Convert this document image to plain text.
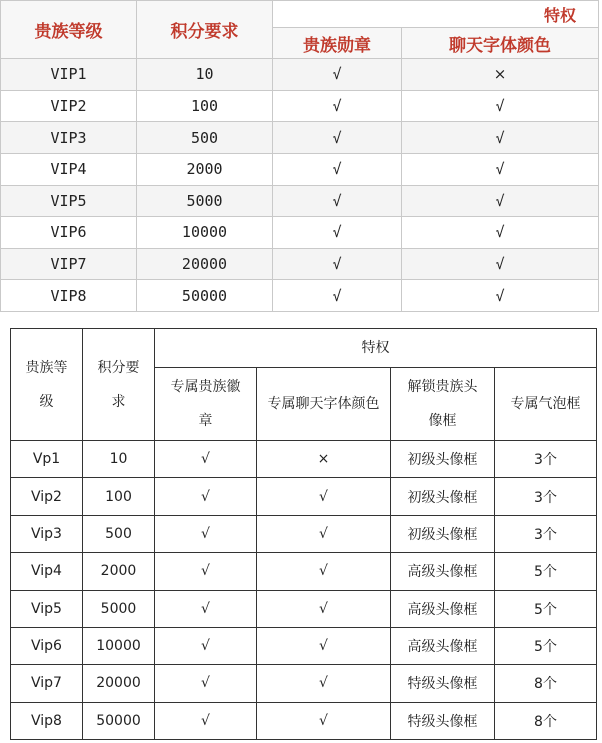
贵族等级	积分要求	特权	
		贵族勋章	聊天字体颜色
VIP1	10	√	×
VIP2	100	√	√
VIP3	500	√	√
VIP4	2000	√	√
VIP5	5000	√	√
VIP6	10000	√	√
VIP7	20000	√	√
VIP8	50000	√	√
贵族等级	积分要求	特权			
		专属贵族徽章	专属聊天字体颜色	解锁贵族头像框	专属气泡框
Vp1	10	√	×	初级头像框	3个
Vip2	100	√	√	初级头像框	3个
Vip3	500	√	√	初级头像框	3个
Vip4	2000	√	√	高级头像框	5个
Vip5	5000	√	√	高级头像框	5个
Vip6	10000	√	√	高级头像框	5个
Vip7	20000	√	√	特级头像框	8个
Vip8	50000	√	√	特级头像框	8个
